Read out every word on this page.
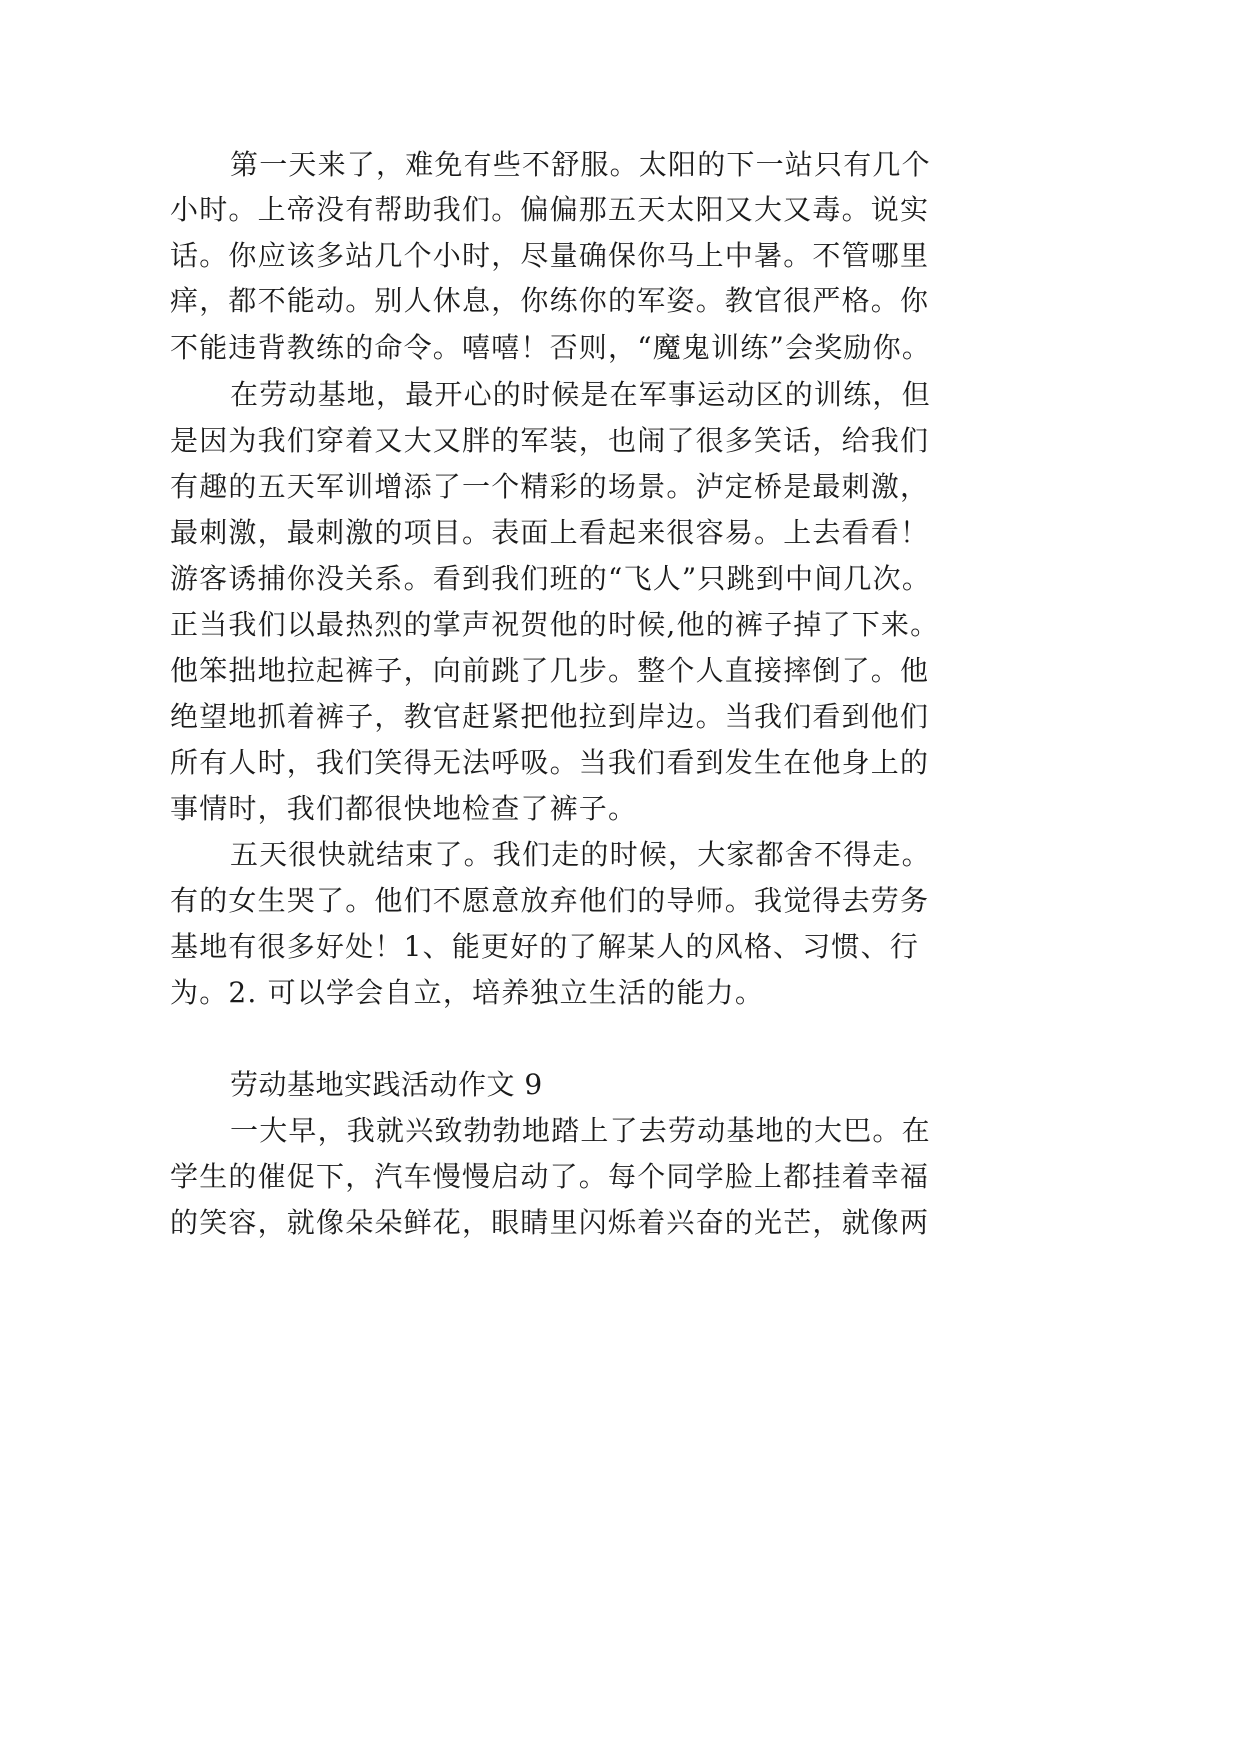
第一天来了，难免有些不舒服。太阳的下一站只有几个
小时。上帝没有帮助我们。偏偏那五天太阳又大又毒。说实
话。你应该多站几个小时，尽量确保你马上中暑。不管哪里
痒，都不能动。别人休息，你练你的军姿。教官很严格。你
不能违背教练的命令。嘻嘻！否则，“魔鬼训练”会奖励你。
在劳动基地，最开心的时候是在军事运动区的训练，但
是因为我们穿着又大又胖的军装，也闹了很多笑话，给我们
有趣的五天军训增添了一个精彩的场景。泸定桥是最刺激，
最刺激，最刺激的项目。表面上看起来很容易。上去看看！
游客诱捕你没关系。看到我们班的“飞人”只跳到中间几次。
正当我们以最热烈的掌声祝贺他的时候,他的裤子掉了下来。
他笨拙地拉起裤子，向前跳了几步。整个人直接摔倒了。他
绝望地抓着裤子，教官赶紧把他拉到岸边。当我们看到他们
所有人时，我们笑得无法呼吸。当我们看到发生在他身上的
事情时，我们都很快地检查了裤子。
五天很快就结束了。我们走的时候，大家都舍不得走。
有的女生哭了。他们不愿意放弃他们的导师。我觉得去劳务
基地有很多好处！1、能更好的了解某人的风格、习惯、行
为。2. 可以学会自立，培养独立生活的能力。
劳动基地实践活动作文 9
一大早，我就兴致勃勃地踏上了去劳动基地的大巴。在
学生的催促下，汽车慢慢启动了。每个同学脸上都挂着幸福
的笑容，就像朵朵鲜花，眼睛里闪烁着兴奋的光芒，就像两
